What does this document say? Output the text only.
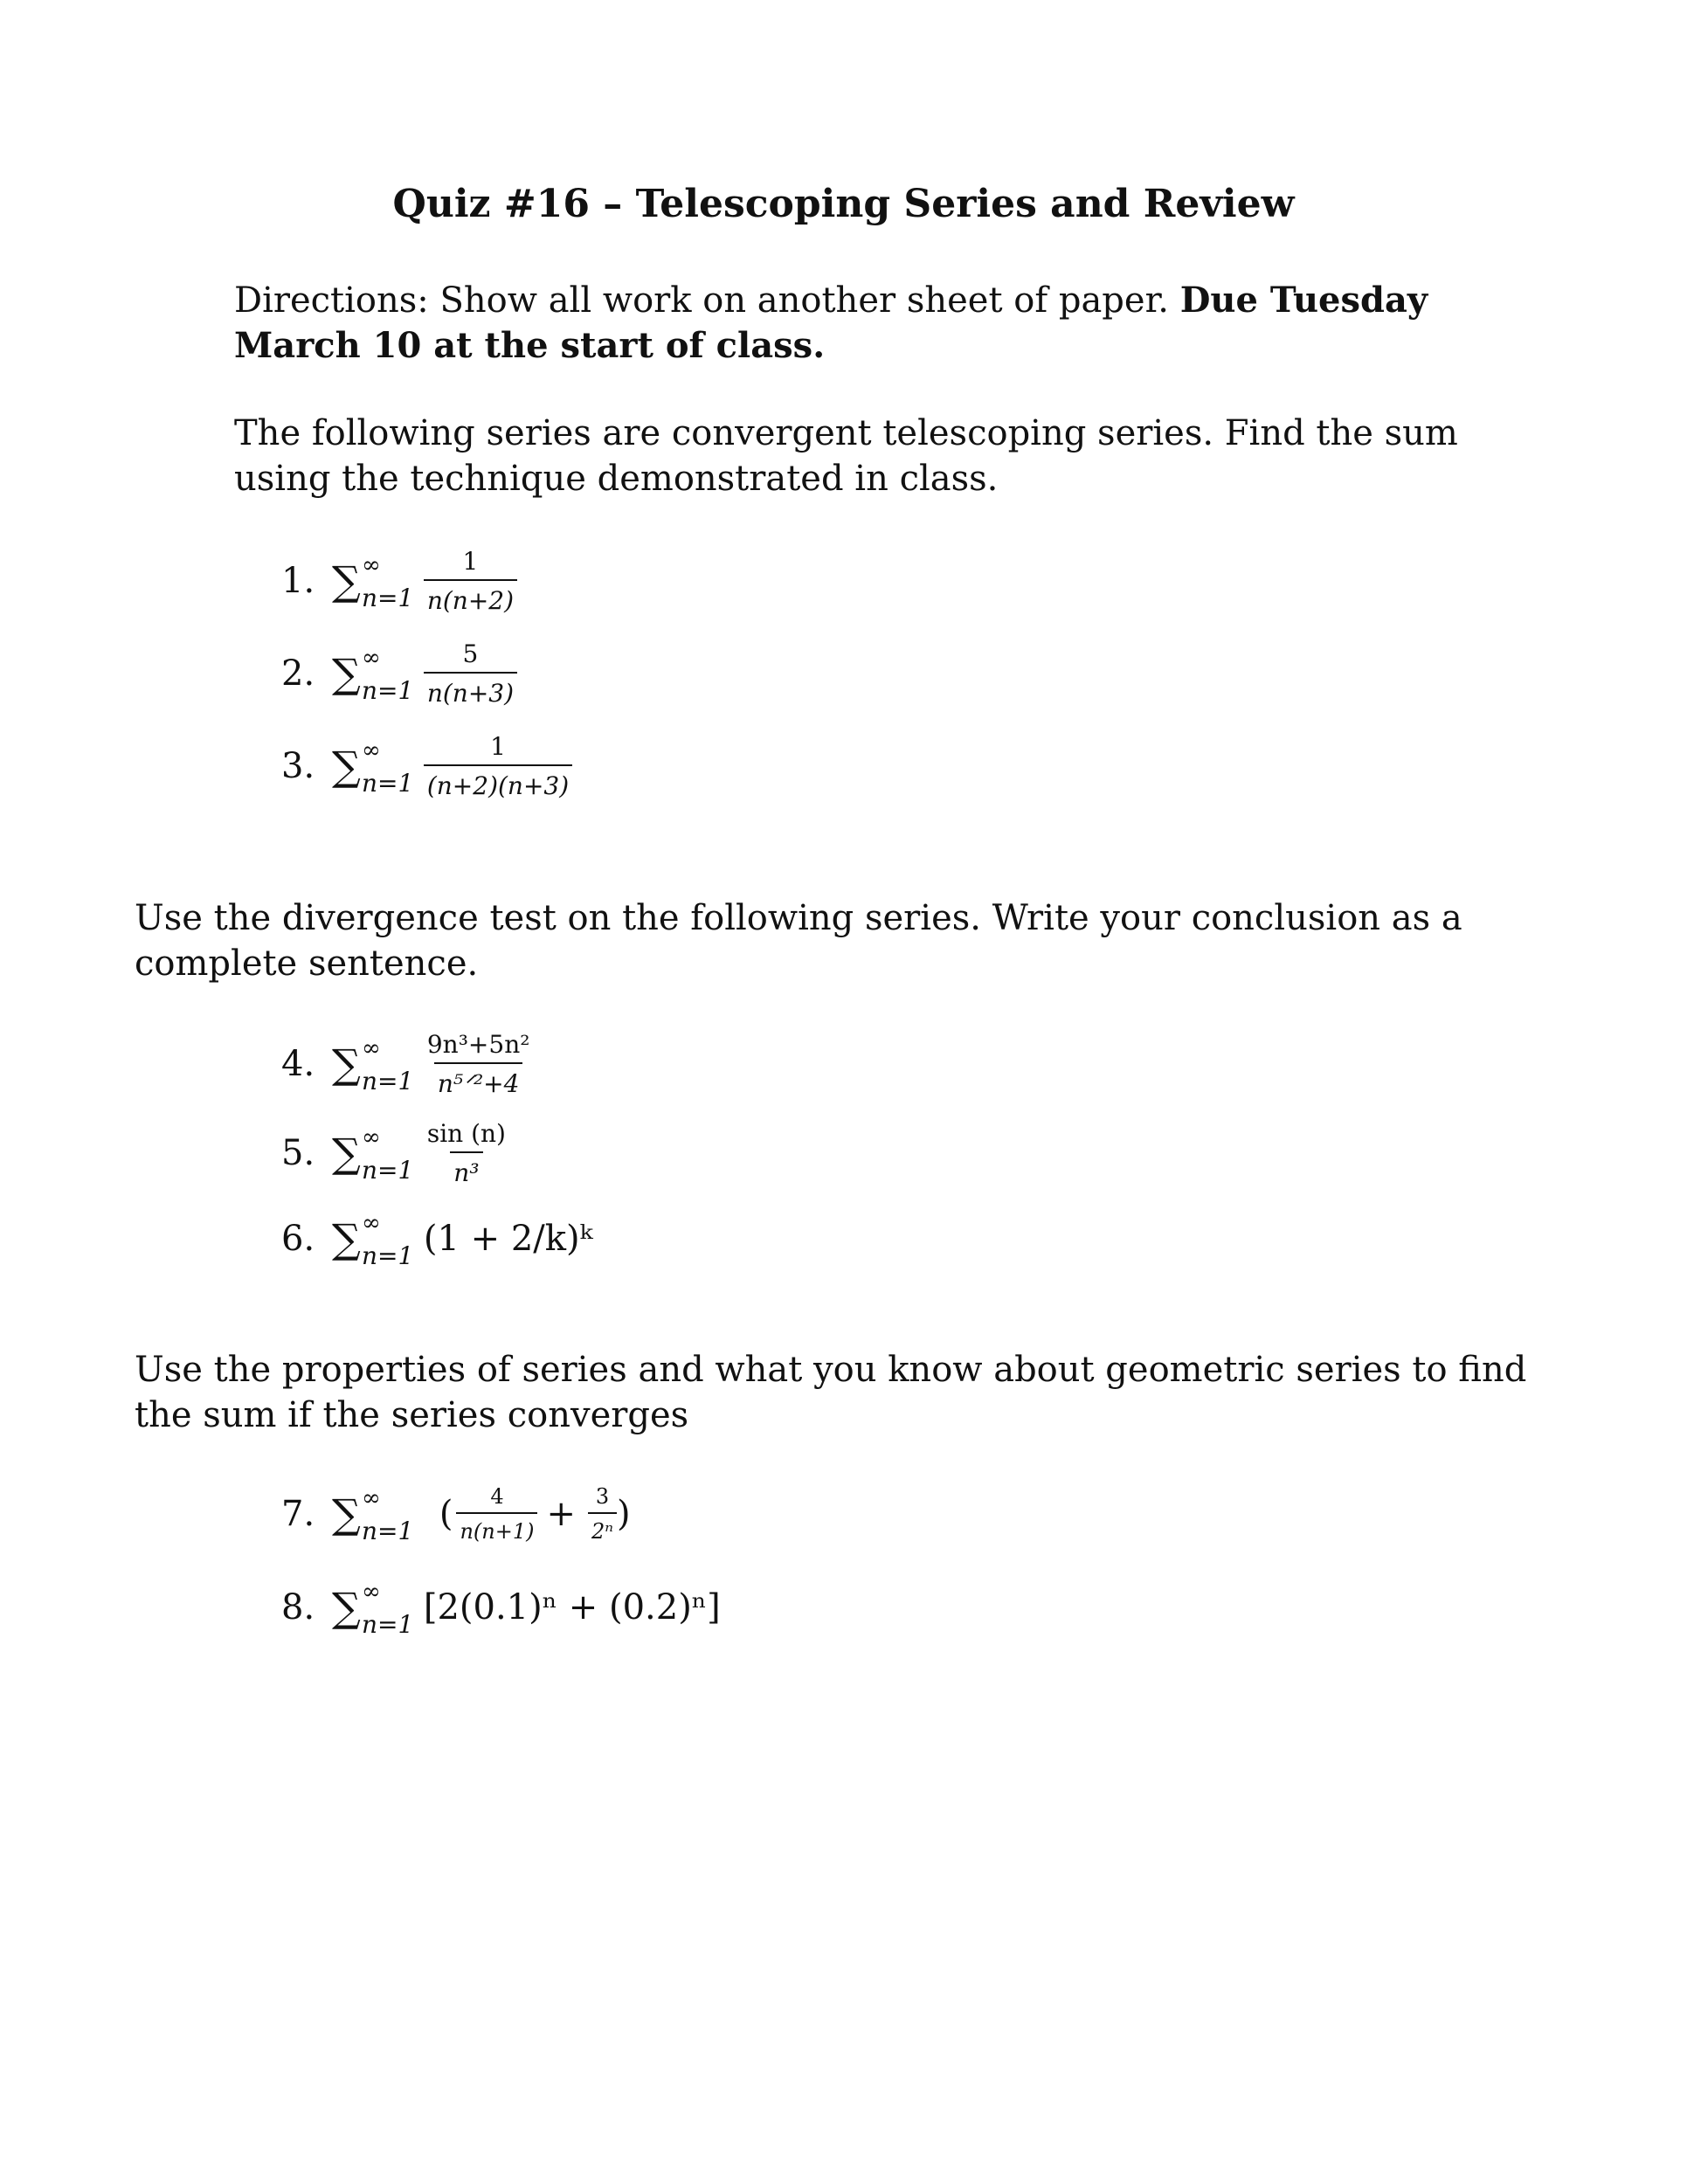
Quiz #16 – Telescoping Series and Review
Directions: Show all work on another sheet of paper. Due Tuesday March 10 at the start of class.
The following series are convergent telescoping series. Find the sum using the technique demonstrated in class.
1. ∑ ∞
$n=1 \frac{1}{n(n+2)}$
2. ∑ ∞
$n=1 \frac{5}{n(n+3)}$
3. ∑ ∞
$n=1 \frac{1}{(n+2)(n+3)}$
Use the divergence test on the following series. Write your conclusion as a complete sentence.
4. ∑ ∞
$n=1 \frac{\text{9n³+5n²}}{\text{n⁵ᐟ²+4}}$
5. ∑ ∞
$n=1 \frac{\sin (n)}{\text{n³}}$
6. ∑ ∞
n=1 (1 + 2/k)ᵏ
Use the properties of series and what you know about geometric series to find the sum if the series converges
7. ∑ ∞
n=1 ( $\frac{4}{n(n+1)} + \frac{3}{\text{2ⁿ}}$ )
8. ∑ ∞
n=1 [2(0.1)ⁿ + (0.2)ⁿ]
